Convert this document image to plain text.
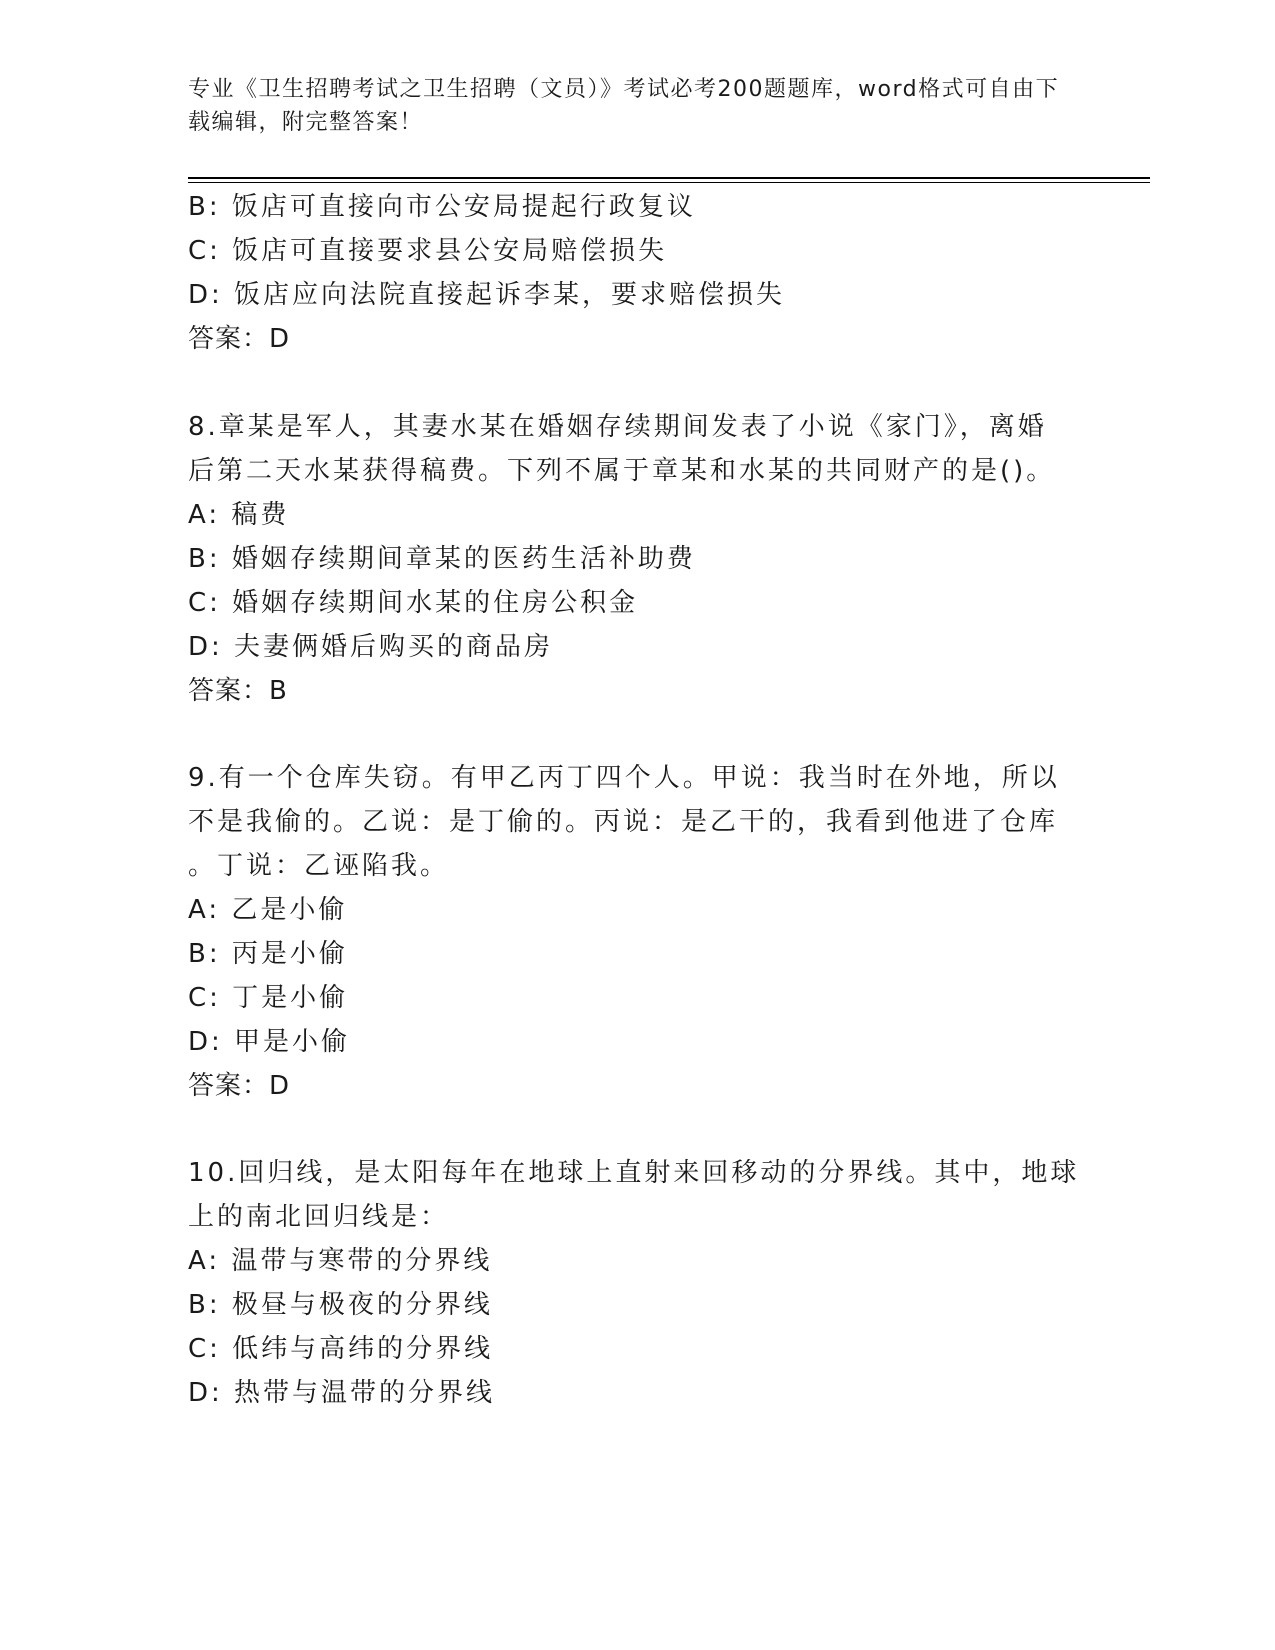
专业《卫生招聘考试之卫生招聘（文员）》考试必考200题题库，word格式可自由下载编辑，附完整答案！
B: 饭店可直接向市公安局提起行政复议
C: 饭店可直接要求县公安局赔偿损失
D: 饭店应向法院直接起诉李某，要求赔偿损失
答案：D
8.章某是军人，其妻水某在婚姻存续期间发表了小说《家门》，离婚
后第二天水某获得稿费。下列不属于章某和水某的共同财产的是()。
A: 稿费
B: 婚姻存续期间章某的医药生活补助费
C: 婚姻存续期间水某的住房公积金
D: 夫妻俩婚后购买的商品房
答案：B
9.有一个仓库失窃。有甲乙丙丁四个人。甲说：我当时在外地，所以
不是我偷的。乙说：是丁偷的。丙说：是乙干的，我看到他进了仓库
。丁说：乙诬陷我。
A: 乙是小偷
B: 丙是小偷
C: 丁是小偷
D: 甲是小偷
答案：D
10.回归线，是太阳每年在地球上直射来回移动的分界线。其中，地球
上的南北回归线是：
A: 温带与寒带的分界线
B: 极昼与极夜的分界线
C: 低纬与高纬的分界线
D: 热带与温带的分界线
